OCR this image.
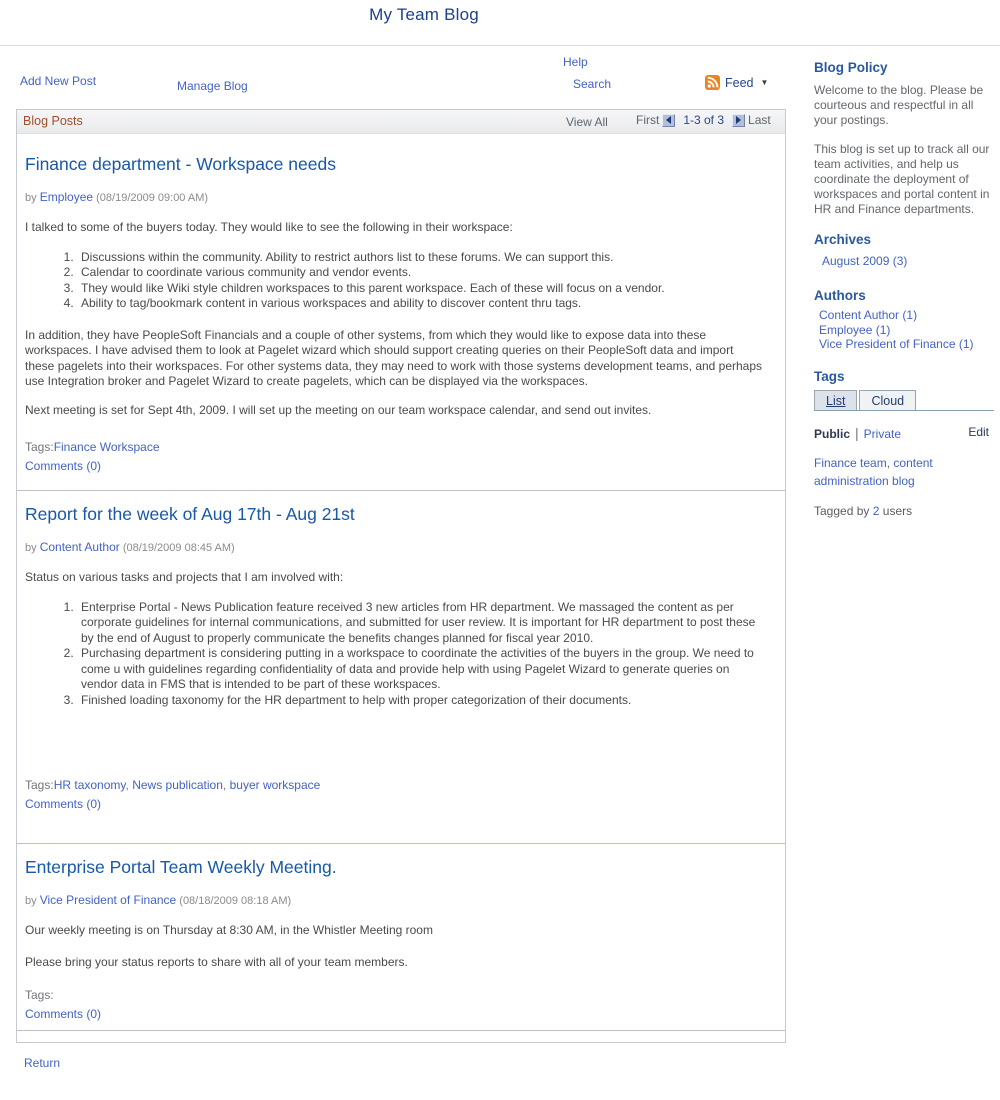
My Team Blog
Add New Post	Manage Blog
Help
Search	Feed ▼
Blog Posts	View All First 1-3 of 3 Last
Finance department - Workspace needs
by Employee (08/19/2009 09:00 AM)

I talked to some of the buyers today. They would like to see the following in their workspace:

1. Discussions within the community. Ability to restrict authors list to these forums. We can support this.
2. Calendar to coordinate various community and vendor events.
3. They would like Wiki style children workspaces to this parent workspace. Each of these will focus on a vendor.
4. Ability to tag/bookmark content in various workspaces and ability to discover content thru tags.

In addition, they have PeopleSoft Financials and a couple of other systems, from which they would like to expose data into these workspaces. I have advised them to look at Pagelet wizard which should support creating queries on their PeopleSoft data and import these pagelets into their workspaces. For other systems data, they may need to work with those systems development teams, and perhaps use Integration broker and Pagelet Wizard to create pagelets, which can be displayed via the workspaces.

Next meeting is set for Sept 4th, 2009. I will set up the meeting on our team workspace calendar, and send out invites.

Tags:Finance Workspace
Comments (0)
Report for the week of Aug 17th - Aug 21st
by Content Author (08/19/2009 08:45 AM)

Status on various tasks and projects that I am involved with:

1. Enterprise Portal - News Publication feature received 3 new articles from HR department. We massaged the content as per corporate guidelines for internal communications, and submitted for user review. It is important for HR department to post these by the end of August to properly communicate the benefits changes planned for fiscal year 2010.
2. Purchasing department is considering putting in a workspace to coordinate the activities of the buyers in the group. We need to come u with guidelines regarding confidentiality of data and provide help with using Pagelet Wizard to generate queries on vendor data in FMS that is intended to be part of these workspaces.
3. Finished loading taxonomy for the HR department to help with proper categorization of their documents.
Tags:HR taxonomy, News publication, buyer workspace
Comments (0)
Enterprise Portal Team Weekly Meeting.
by Vice President of Finance (08/18/2009 08:18 AM)

Our weekly meeting is on Thursday at 8:30 AM, in the Whistler Meeting room

Please bring your status reports to share with all of your team members.

Tags:
Comments (0)
Return
Blog Policy
Welcome to the blog. Please be courteous and respectful in all your postings.
This blog is set up to track all our team activities, and help us coordinate the deployment of workspaces and portal content in HR and Finance departments.
Archives
August 2009 (3)
Authors
Content Author (1)
Employee (1)
Vice President of Finance (1)
Tags
List	Cloud
Public | Private	Edit
Finance team, content administration blog
Tagged by 2 users
